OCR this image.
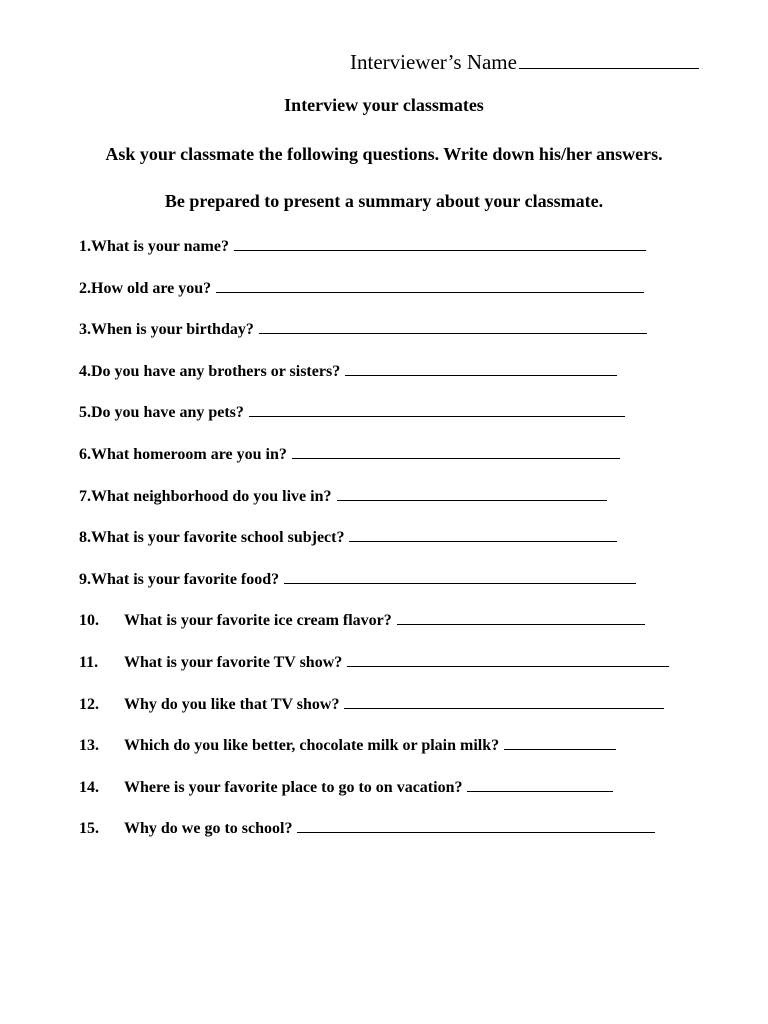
Interviewer’s Name
Interview your classmates
Ask your classmate the following questions. Write down his/her answers.
Be prepared to present a summary about your classmate.
1. What is your name?
2. How old are you?
3. When is your birthday?
4. Do you have any brothers or sisters?
5. Do you have any pets?
6. What homeroom are you in?
7. What neighborhood do you live in?
8. What is your favorite school subject?
9. What is your favorite food?
10.	What is your favorite ice cream flavor?
11.	What is your favorite TV show?
12.	Why do you like that TV show?
13.	Which do you like better, chocolate milk or plain milk?
14.	Where is your favorite place to go to on vacation?
15.	Why do we go to school?
